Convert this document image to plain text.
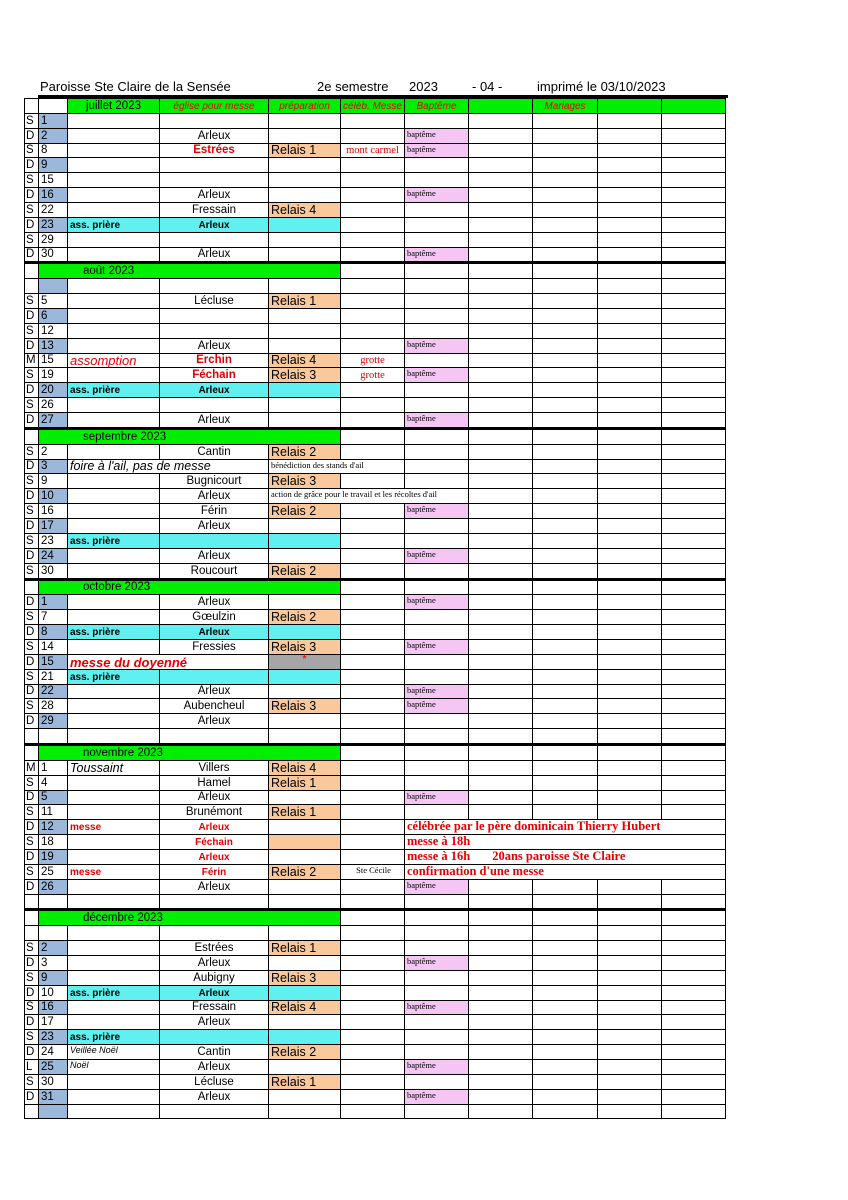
Paroisse Ste Claire de la Sensée	2e semestre 2023	- 04 -	imprimé le 03/10/2023
		juillet 2023	église pour messe	préparation	célèb. Messe	Baptême		Mariages		
S	1									
D	2		Arleux			baptême				
S	8		Estrées	Relais 1	mont carmel	baptême				
D	9									
S	15									
D	16		Arleux			baptême				
S	22		Fressain	Relais 4						
D	23	ass. prière	Arleux							
S	29									
D	30		Arleux			baptême				
	août 2023									

S	5		Lécluse	Relais 1						
D	6									
S	12									
D	13		Arleux			baptême				
M	15	assomption	Erchin	Relais 4	grotte					
S	19		Féchain	Relais 3	grotte	baptême				
D	20	ass. prière	Arleux							
S	26									
D	27		Arleux			baptême				
	septembre 2023									
S	2		Cantin	Relais 2						
D	3	foire à l'ail, pas de messe		bénédiction des stands d'ail						
S	9		Bugnicourt	Relais 3						
D	10		Arleux	action de grâce pour le travail et les récoltes d'ail						
S	16		Férin	Relais 2		baptême				
D	17		Arleux							
S	23	ass. prière								
D	24		Arleux			baptême				
S	30		Roucourt	Relais 2						
	octobre 2023									
D	1		Arleux			baptême				
S	7		Gœulzin	Relais 2						
D	8	ass. prière	Arleux							
S	14		Fressies	Relais 3		baptême				
D	15	messe du doyenné		*						
S	21	ass. prière								
D	22		Arleux			baptême				
S	28		Aubencheul	Relais 3		baptême				
D	29		Arleux							

	novembre 2023									
M	1	Toussaint	Villers	Relais 4						
S	4		Hamel	Relais 1						
D	5		Arleux			baptême				
S	11		Brunémont	Relais 1						
D	12	messe	Arleux			célébrée par le père dominicain Thierry Hubert				
S	18		Féchain			messe à 18h				
D	19		Arleux			messe à 16h 20ans paroisse Ste Claire				
S	25	messe	Férin	Relais 2	Ste Cécile	confirmation d'une messe				
D	26		Arleux			baptême				

	décembre 2023									

S	2		Estrées	Relais 1						
D	3		Arleux			baptême				
S	9		Aubigny	Relais 3						
D	10	ass. prière	Arleux							
S	16		Fressain	Relais 4		baptême				
D	17		Arleux							
S	23	ass. prière								
D	24	Veillée Noël	Cantin	Relais 2						
L	25	Noël	Arleux			baptême				
S	30		Lécluse	Relais 1						
D	31		Arleux			baptême				
